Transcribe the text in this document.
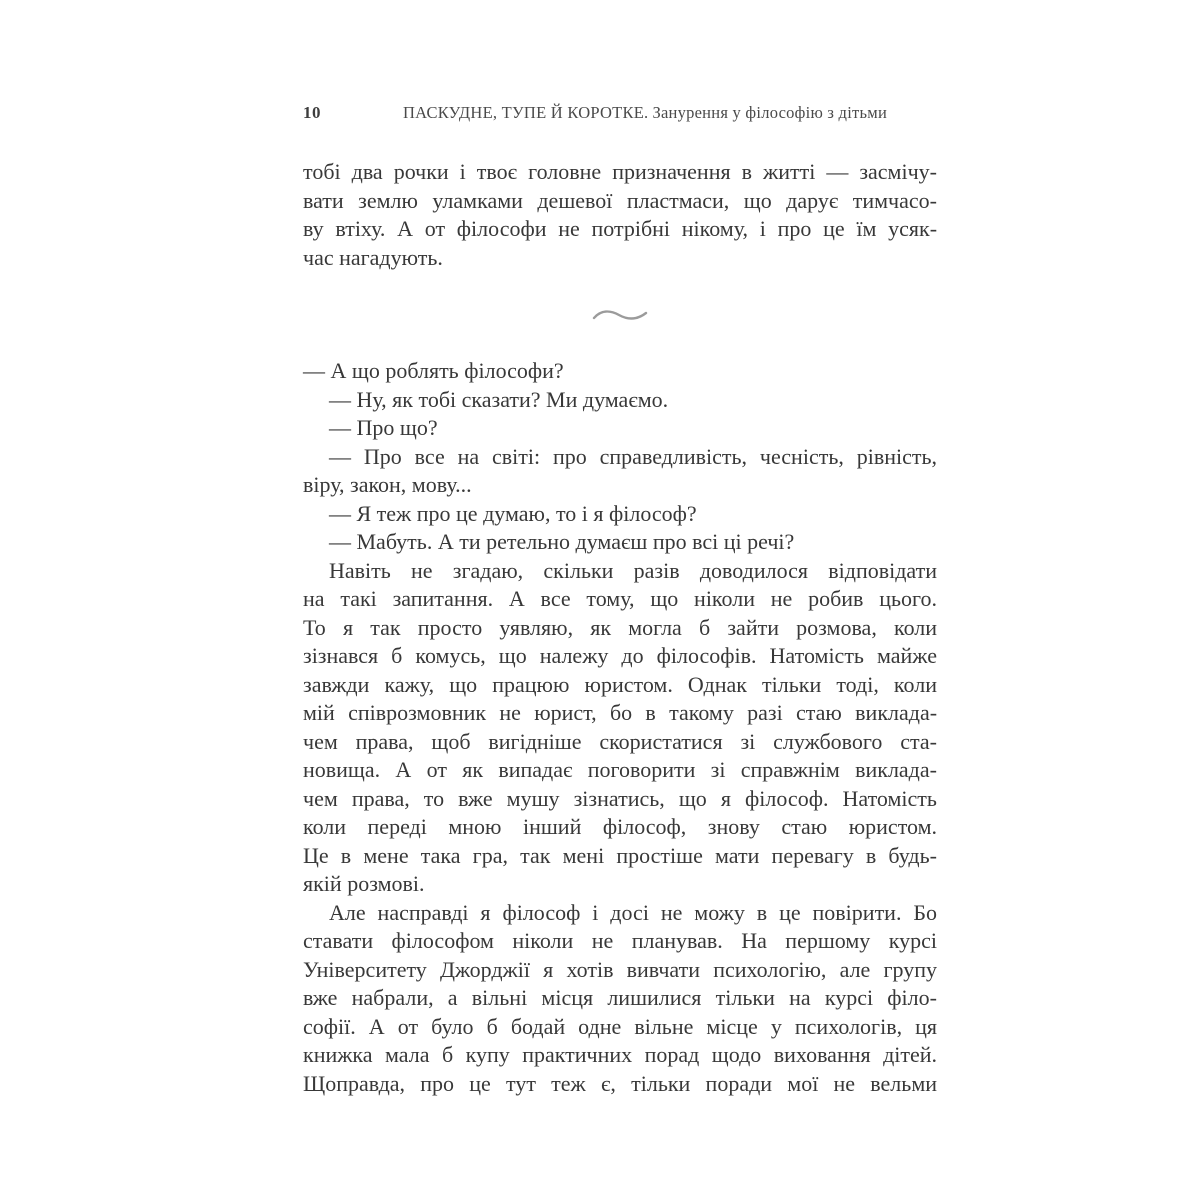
10	ПАСКУДНЕ, ТУПЕ Й КОРОТКЕ. Занурення у філософію з дітьми
тобі два рочки і твоє головне призначення в житті — засмічу-
вати землю уламками дешевої пластмаси, що дарує тимчасо-
ву втіху. А от філософи не потрібні нікому, і про це їм усяк-
час нагадують.
— А що роблять філософи?
— Ну, як тобі сказати? Ми думаємо.
— Про що?
— Про все на світі: про справедливість, чесність, рівність,
віру, закон, мову...
— Я теж про це думаю, то і я філософ?
— Мабуть. А ти ретельно думаєш про всі ці речі?
Навіть не згадаю, скільки разів доводилося відповідати
на такі запитання. А все тому, що ніколи не робив цього.
То я так просто уявляю, як могла б зайти розмова, коли
зізнався б комусь, що належу до філософів. Натомість майже
завжди кажу, що працюю юристом. Однак тільки тоді, коли
мій співрозмовник не юрист, бо в такому разі стаю виклада-
чем права, щоб вигідніше скористатися зі службового ста-
новища. А от як випадає поговорити зі справжнім виклада-
чем права, то вже мушу зізнатись, що я філософ. Натомість
коли переді мною інший філософ, знову стаю юристом.
Це в мене така гра, так мені простіше мати перевагу в будь-
якій розмові.
Але насправді я філософ і досі не можу в це повірити. Бо
ставати філософом ніколи не планував. На першому курсі
Університету Джорджії я хотів вивчати психологію, але групу
вже набрали, а вільні місця лишилися тільки на курсі філо-
софії. А от було б бодай одне вільне місце у психологів, ця
книжка мала б купу практичних порад щодо виховання дітей.
Щоправда, про це тут теж є, тільки поради мої не вельми
